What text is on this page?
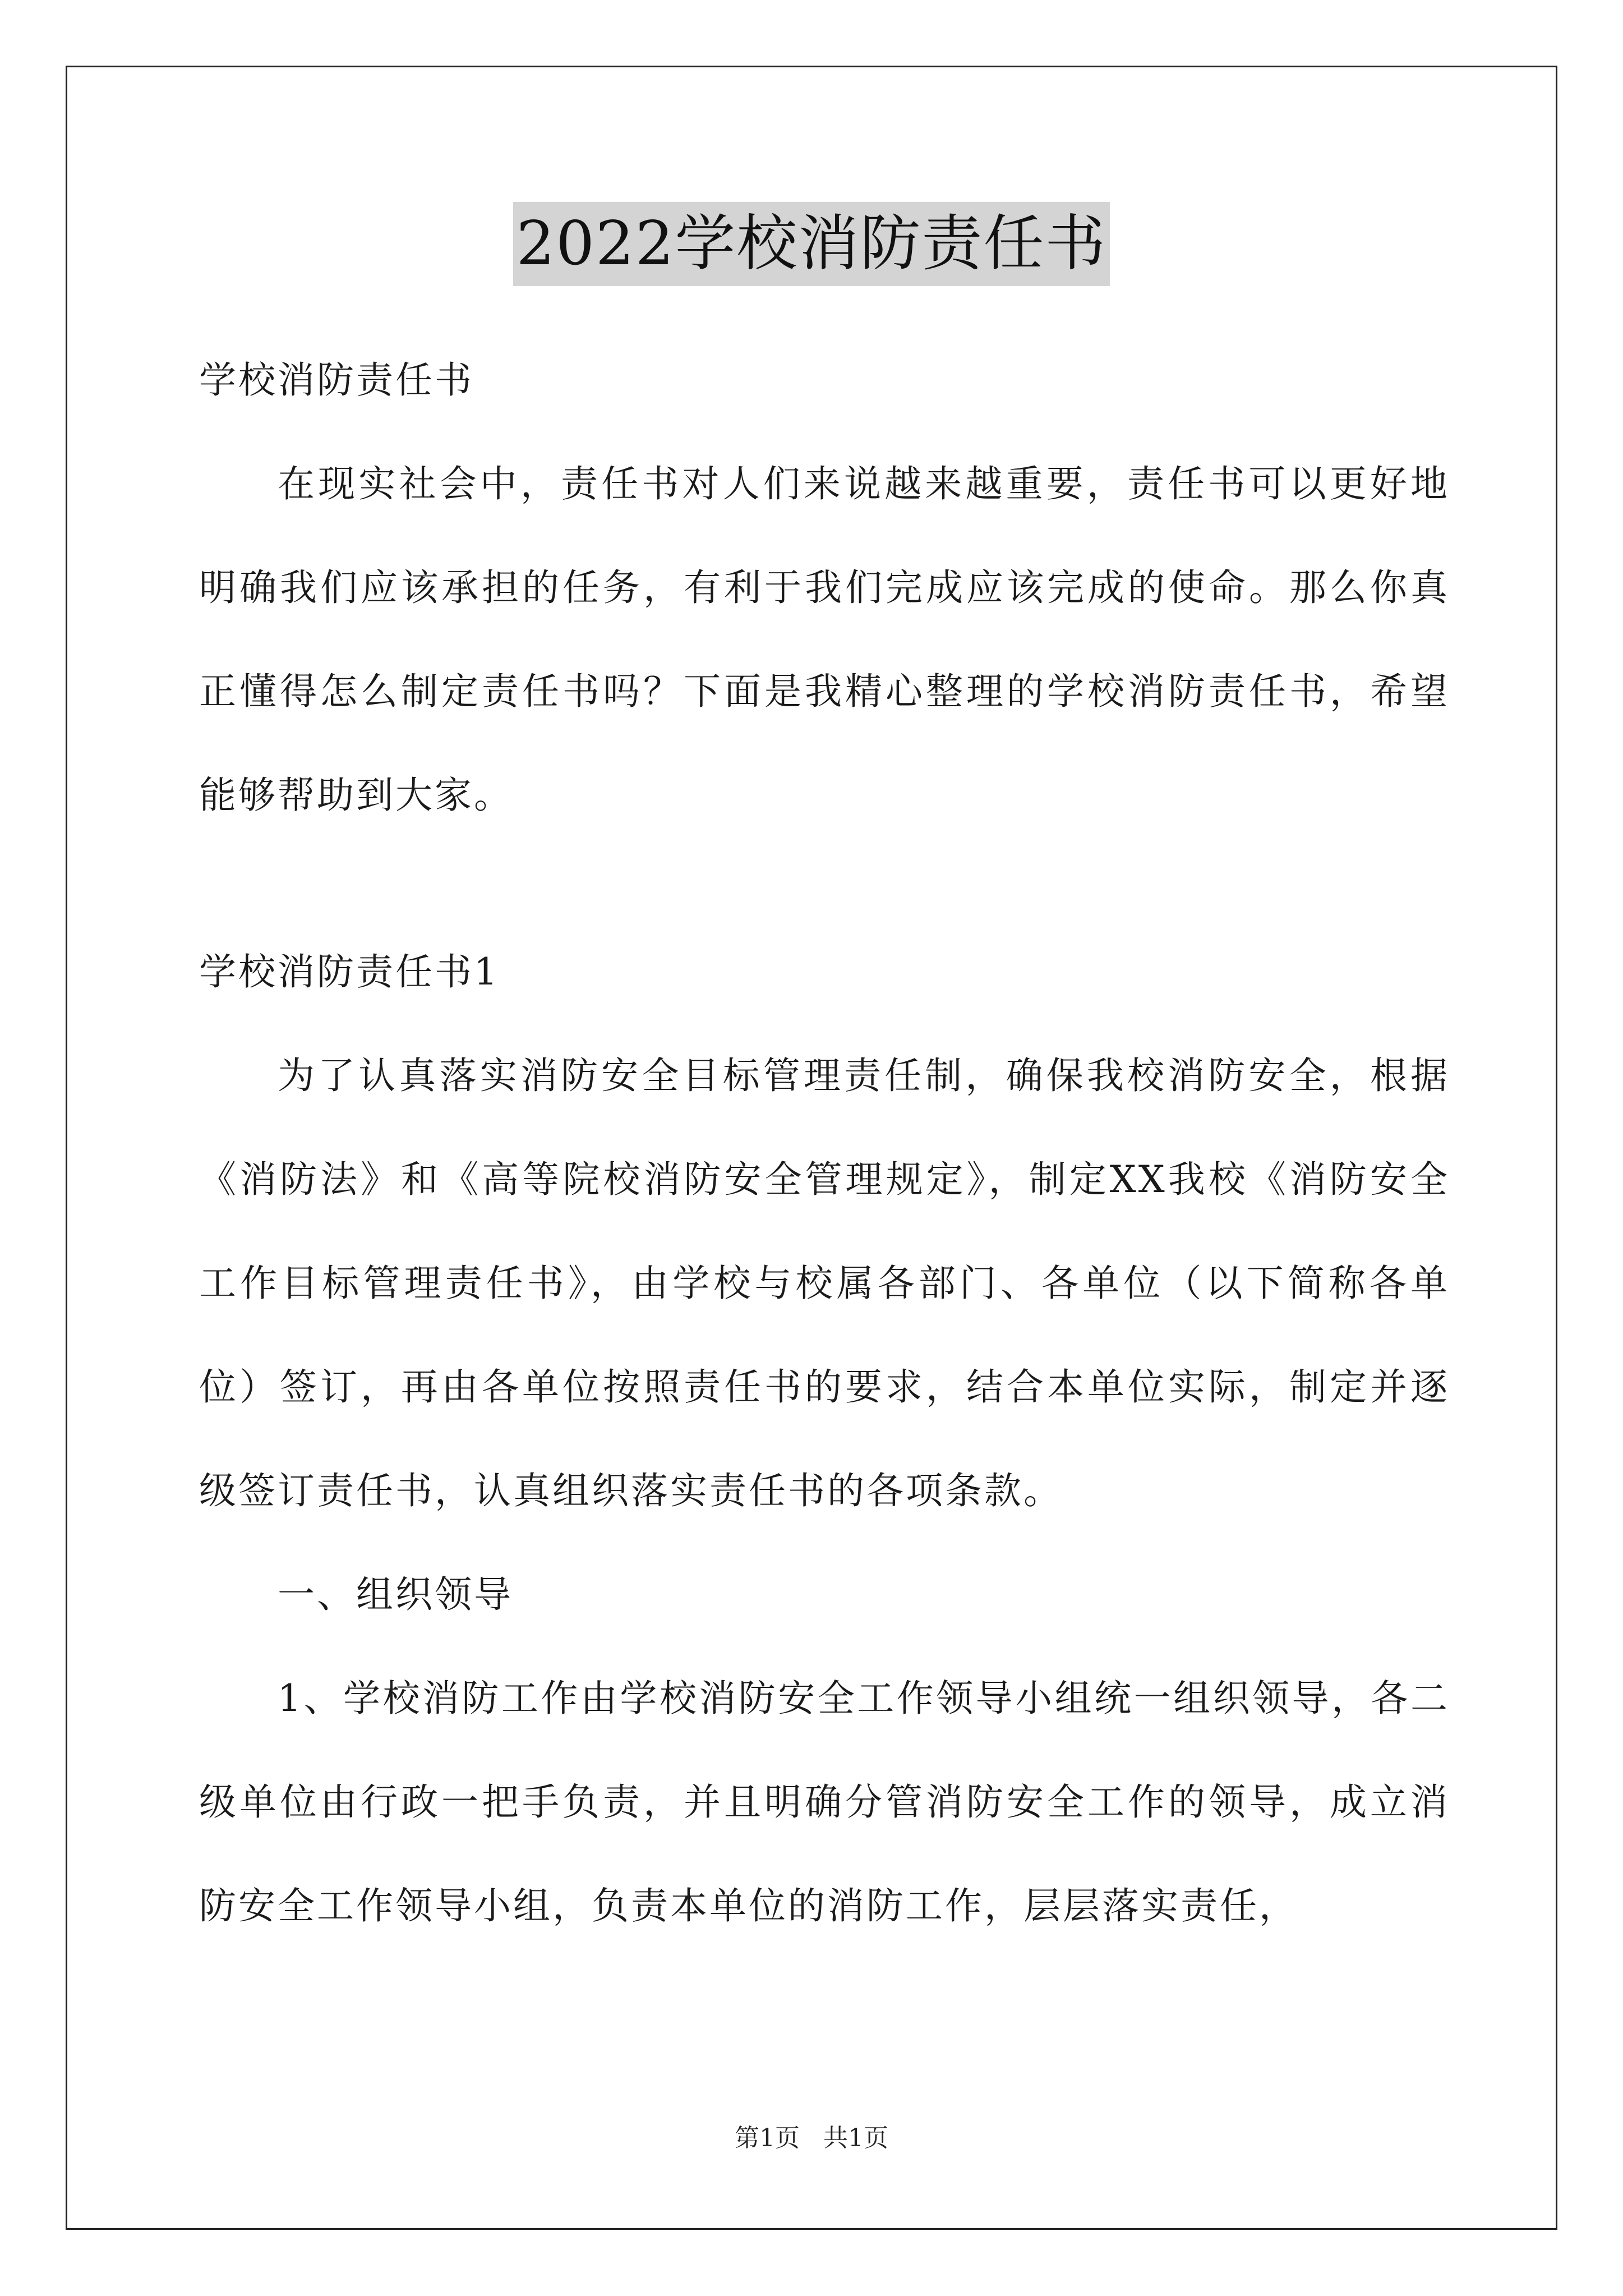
2022学校消防责任书
学校消防责任书

在现实社会中，责任书对人们来说越来越重要，责任书可以更好地明确我们应该承担的任务，有利于我们完成应该完成的使命。那么你真正懂得怎么制定责任书吗？下面是我精心整理的学校消防责任书，希望能够帮助到大家。

学校消防责任书1

为了认真落实消防安全目标管理责任制，确保我校消防安全，根据《消防法》和《高等院校消防安全管理规定》，制定XX我校《消防安全工作目标管理责任书》，由学校与校属各部门、各单位（以下简称各单位）签订，再由各单位按照责任书的要求，结合本单位实际，制定并逐级签订责任书，认真组织落实责任书的各项条款。

一、组织领导

1、学校消防工作由学校消防安全工作领导小组统一组织领导，各二级单位由行政一把手负责，并且明确分管消防安全工作的领导，成立消防安全工作领导小组，负责本单位的消防工作，层层落实责任，

第1页 共1页
